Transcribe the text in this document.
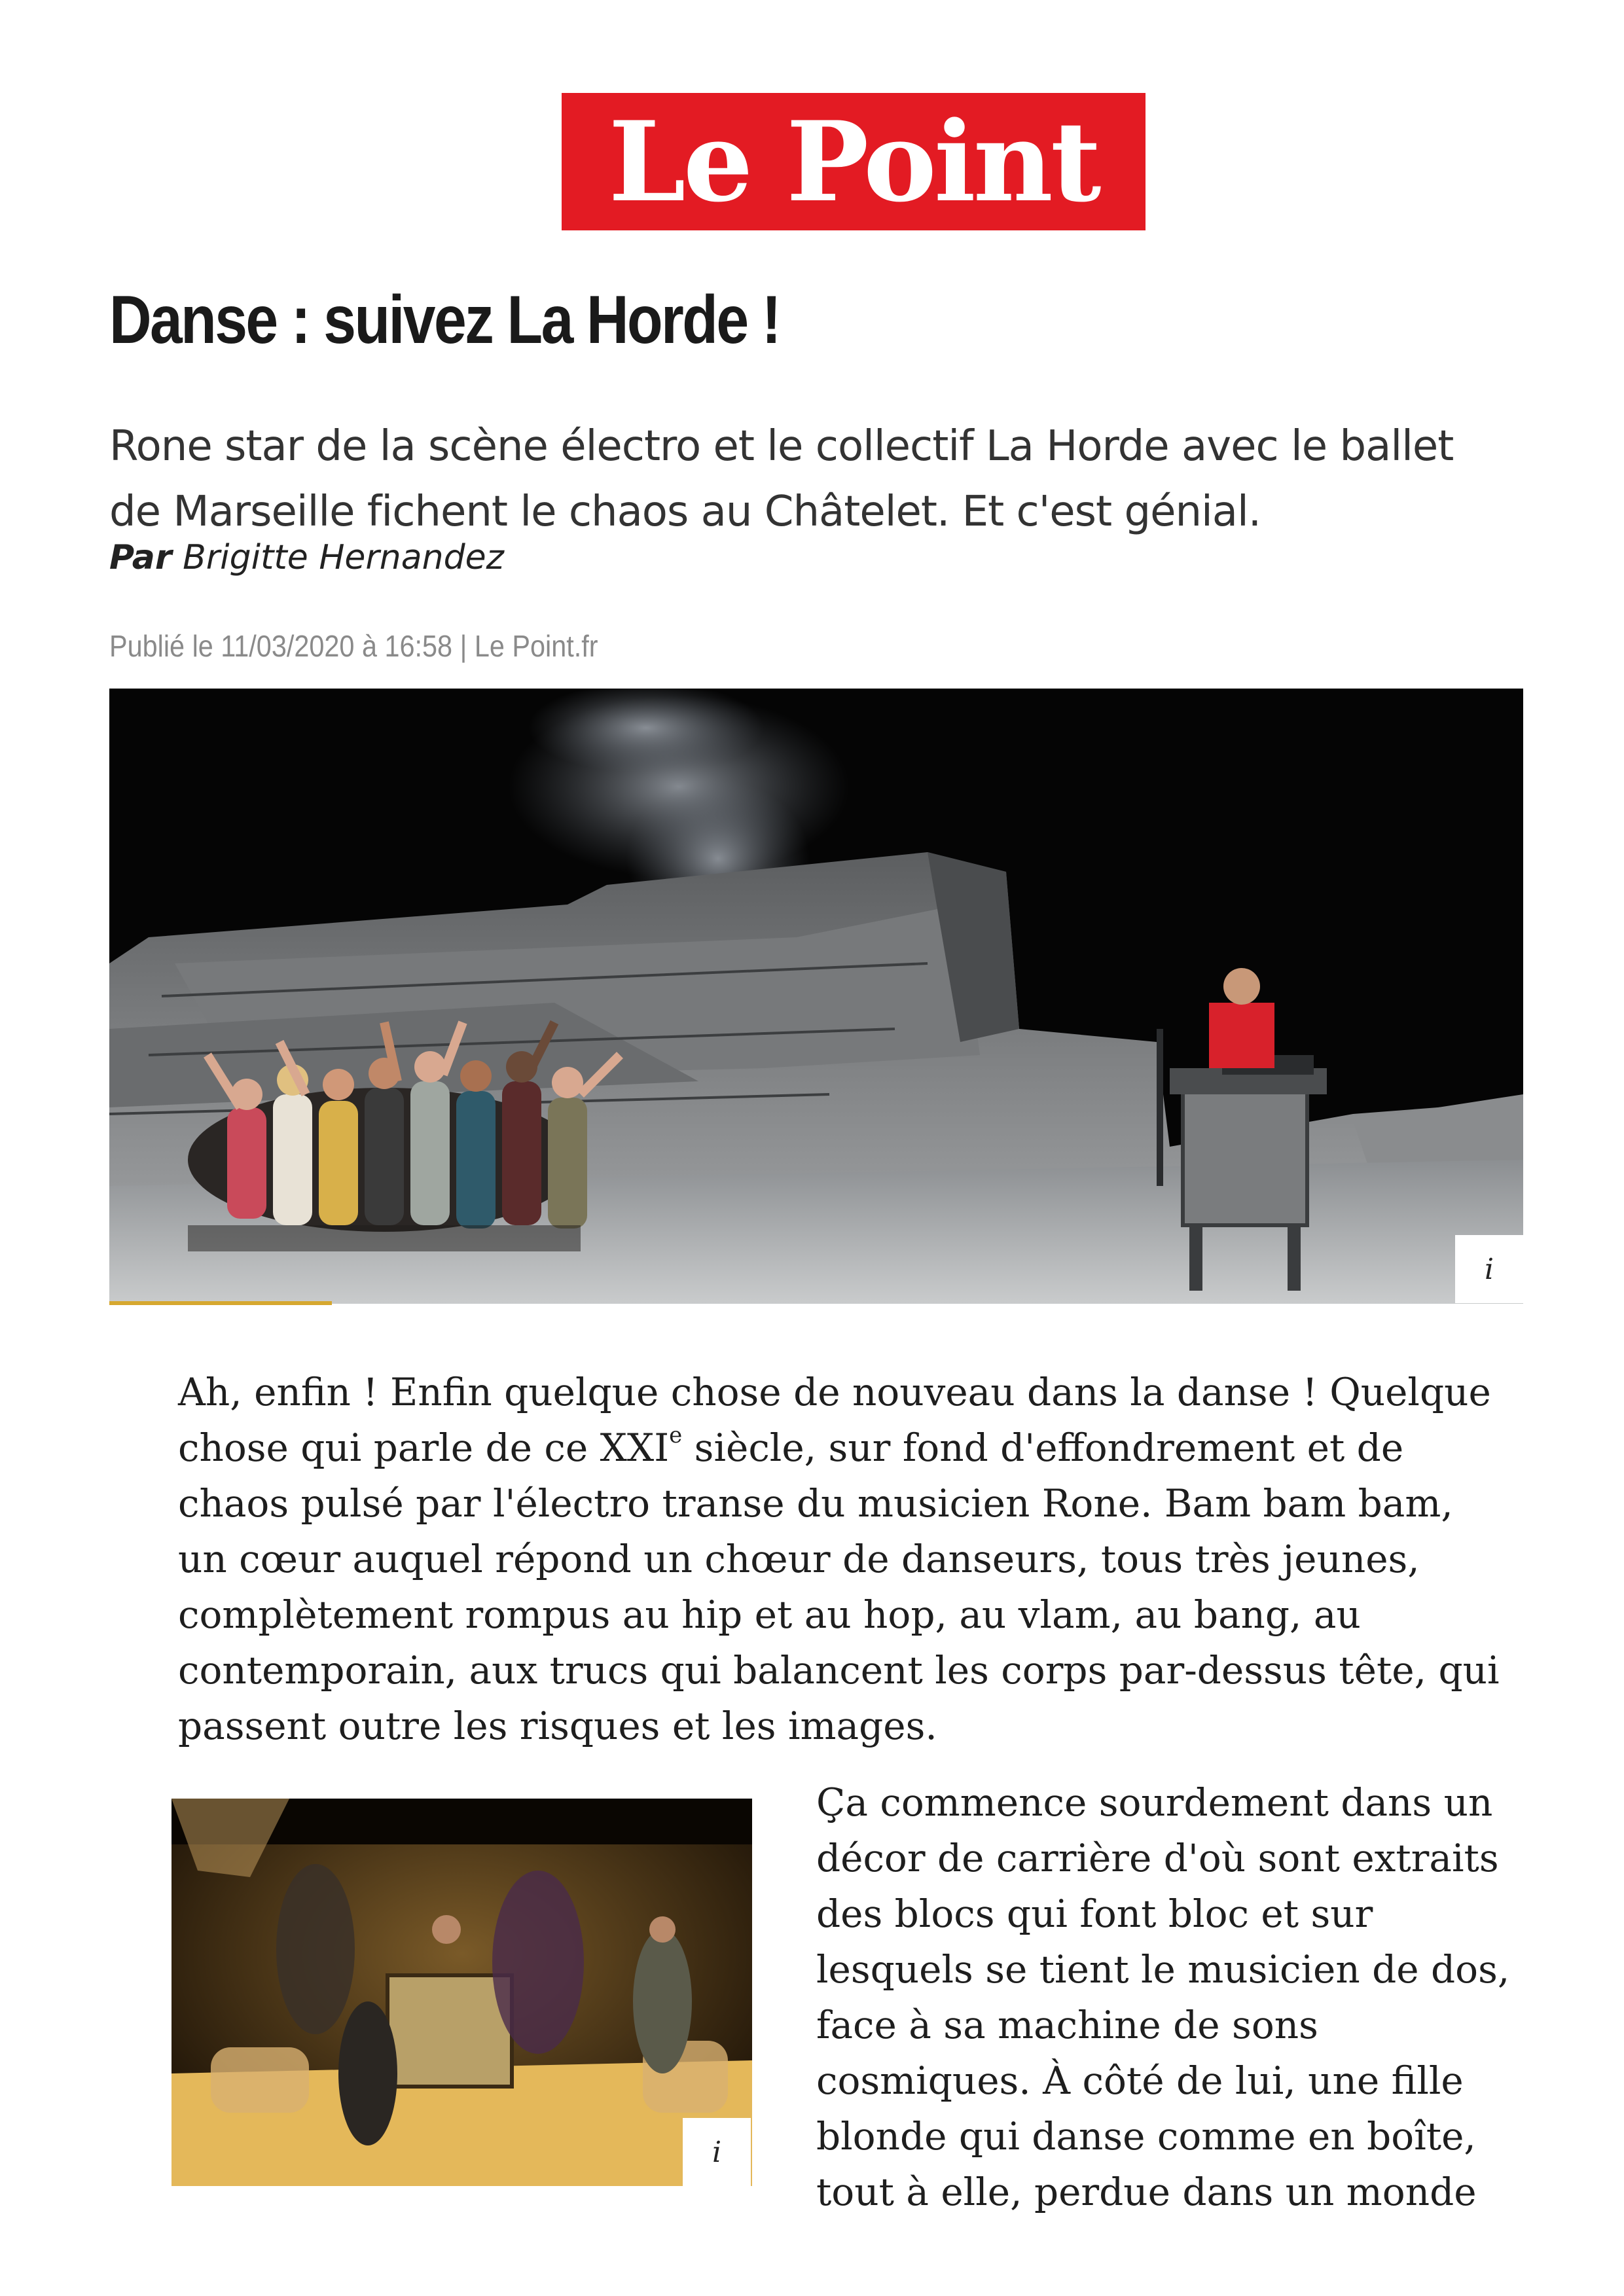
Le Point
Danse : suivez La Horde !

Rone star de la scène électro et le collectif La Horde avec le ballet de Marseille fichent le chaos au Châtelet. Et c'est génial.

Par Brigitte Hernandez

Publié le 11/03/2020 à 16:58 | Le Point.fr
i

Ah, enfin ! Enfin quelque chose de nouveau dans la danse ! Quelque chose qui parle de ce XXIe siècle, sur fond d'effondrement et de chaos pulsé par l'électro transe du musicien Rone. Bam bam bam, un cœur auquel répond un chœur de danseurs, tous très jeunes, complètement rompus au hip et au hop, au vlam, au bang, au contemporain, aux trucs qui balancent les corps par-dessus tête, qui passent outre les risques et les images.

i

Ça commence sourdement dans un décor de carrière d'où sont extraits des blocs qui font bloc et sur lesquels se tient le musicien de dos, face à sa machine de sons cosmiques. À côté de lui, une fille blonde qui danse comme en boîte, tout à elle, perdue dans un monde
